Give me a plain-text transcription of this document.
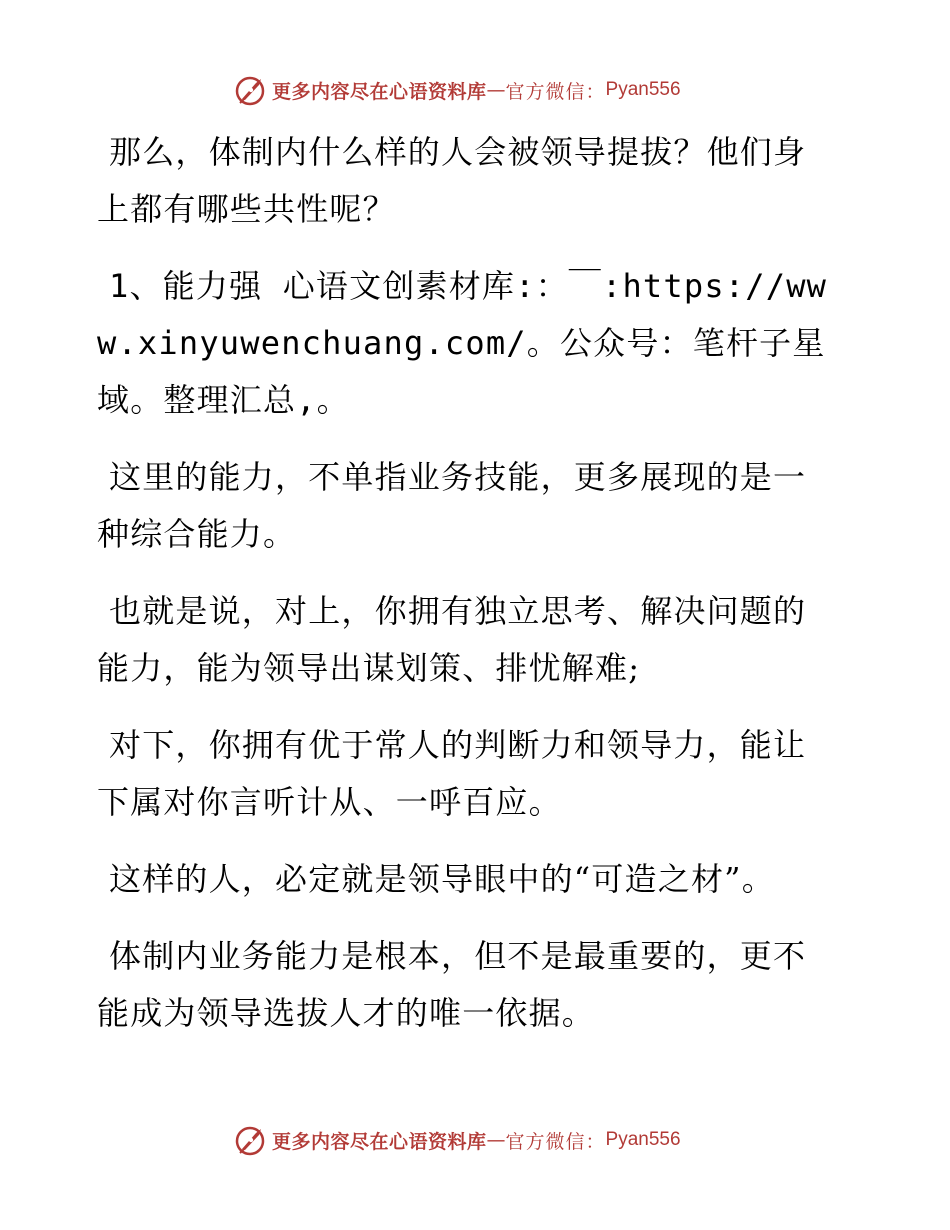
更多内容尽在心语资料库 — 官方微信： Pyan556

那么，体制内什么样的人会被领导提拔？他们身上都有哪些共性呢？

1、能力强 心语文创素材库:：￣:https://www.xinyuwenchuang.com/。公众号：笔杆子星域。整理汇总,。

这里的能力，不单指业务技能，更多展现的是一种综合能力。

也就是说，对上，你拥有独立思考、解决问题的能力，能为领导出谋划策、排忧解难;

对下，你拥有优于常人的判断力和领导力，能让下属对你言听计从、一呼百应。

这样的人，必定就是领导眼中的“可造之材”。

体制内业务能力是根本，但不是最重要的，更不能成为领导选拔人才的唯一依据。

更多内容尽在心语资料库 — 官方微信： Pyan556
